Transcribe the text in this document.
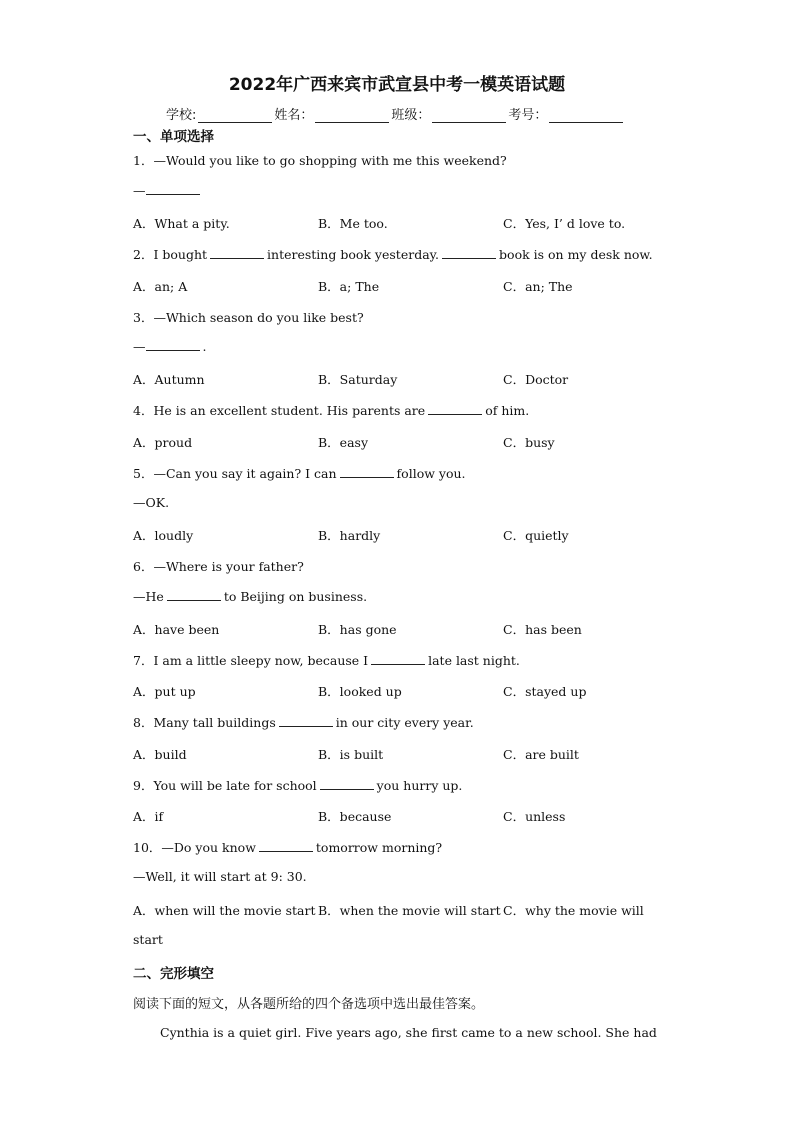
2022年广西来宾市武宣县中考一模英语试题
学校:	姓名：	班级：	考号：
一、单项选择
1．—Would you like to go shopping with me this weekend?
—
A．What a pity.	B．Me too.	C．Yes, I’ d love to.
2．I bought	interesting book yesterday.	book is on my desk now.
A．an; A	B．a; The	C．an; The
3．—Which season do you like best?
—	.
A．Autumn	B．Saturday	C．Doctor
4．He is an excellent student. His parents are	of him.
A．proud	B．easy	C．busy
5．—Can you say it again? I can	follow you.
—OK.
A．loudly	B．hardly	C．quietly
6．—Where is your father?
—He	to Beijing on business.
A．have been	B．has gone	C．has been
7．I am a little sleepy now, because I	late last night.
A．put up	B．looked up	C．stayed up
8．Many tall buildings	in our city every year.
A．build	B．is built	C．are built
9．You will be late for school	you hurry up.
A．if	B．because	C．unless
10．—Do you know	tomorrow morning?
—Well, it will start at 9: 30.
A．when will the movie start B．when the movie will start C．why the movie will
start
二、完形填空
阅读下面的短文，从各题所给的四个备选项中选出最佳答案。
Cynthia is a quiet girl. Five years ago, she first came to a new school. She had
